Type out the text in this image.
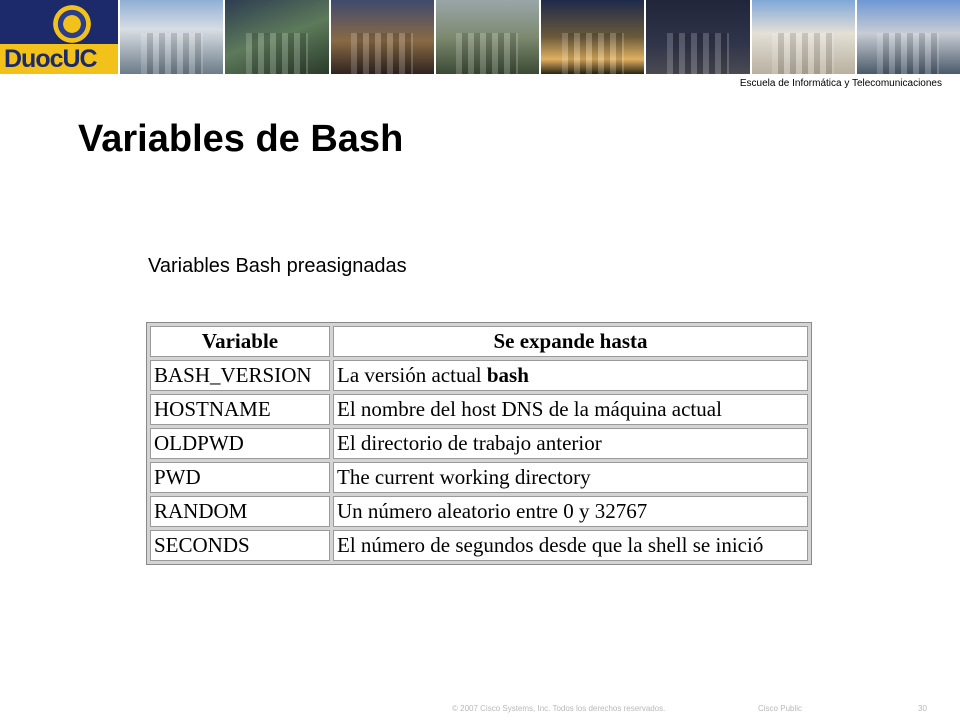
DuocUC
Escuela de Informática y Telecomunicaciones
Variables de Bash
Variables Bash preasignadas
Variable	Se expande hasta
BASH_VERSION	La versión actual bash
HOSTNAME	El nombre del host DNS de la máquina actual
OLDPWD	El directorio de trabajo anterior
PWD	The current working directory
RANDOM	Un número aleatorio entre 0 y 32767
SECONDS	El número de segundos desde que la shell se inició
© 2007 Cisco Systems, Inc. Todos los derechos reservados.	Cisco Public	30
